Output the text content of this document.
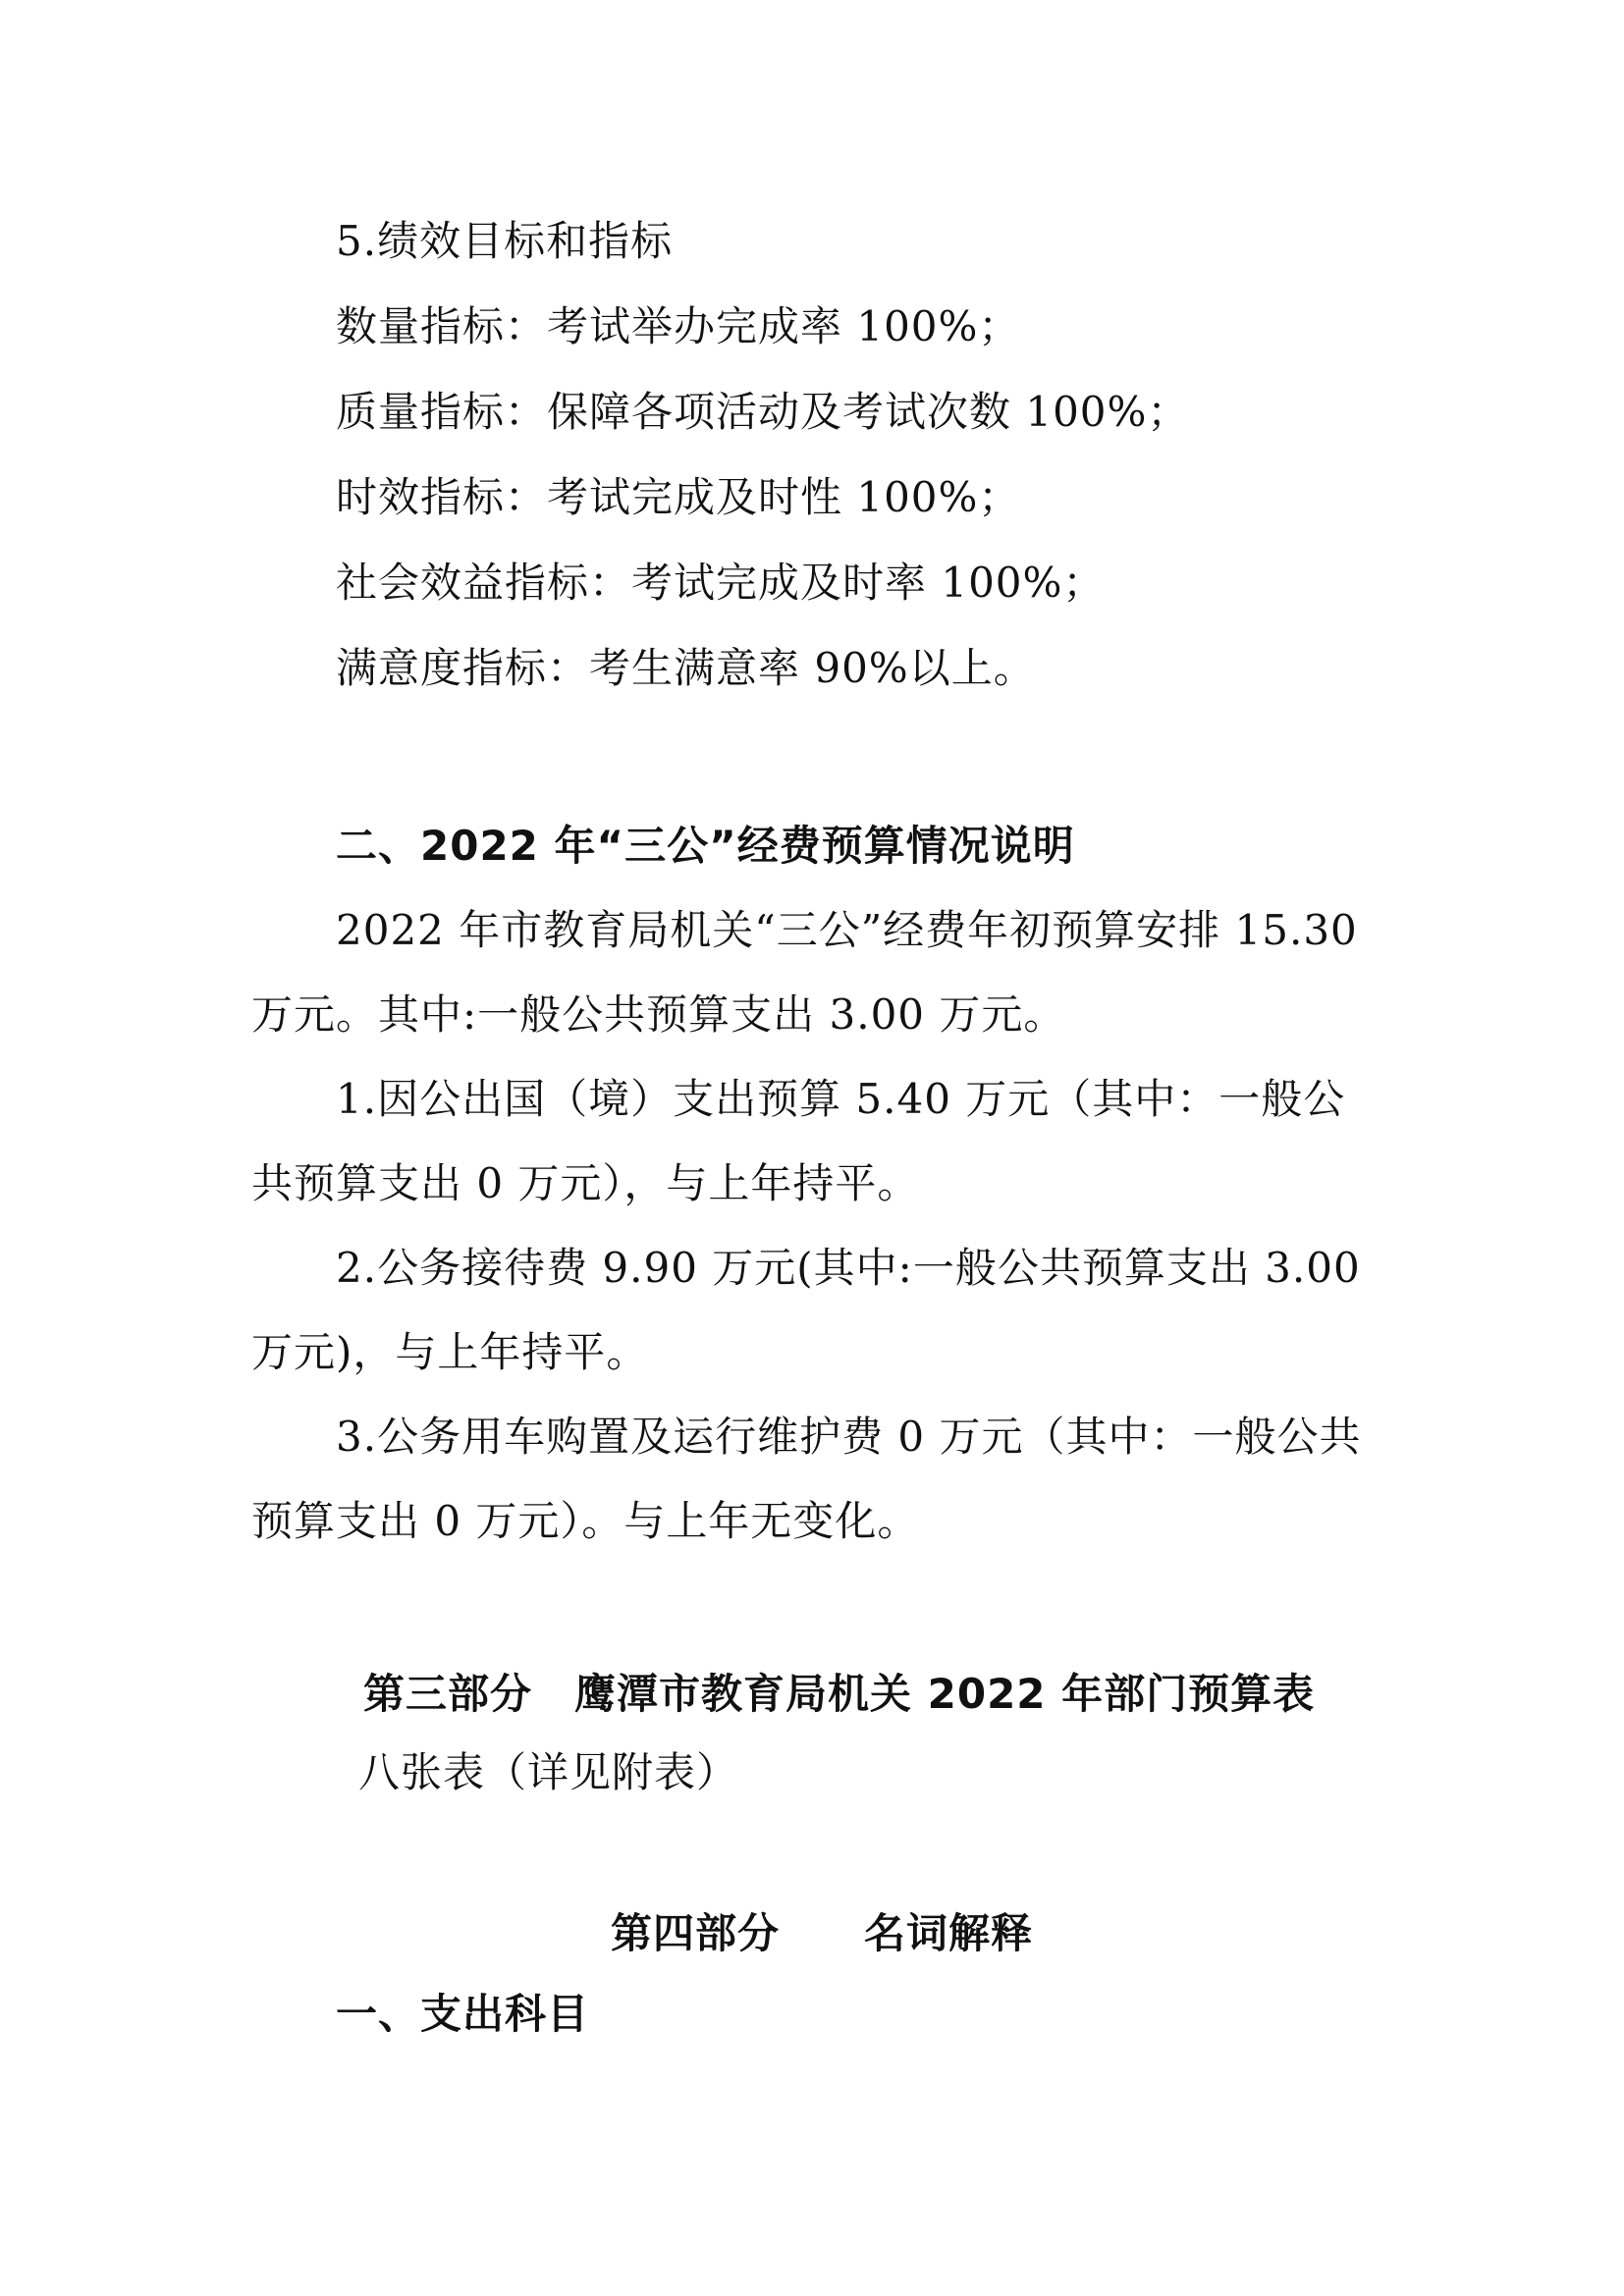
5.绩效目标和指标
数量指标：考试举办完成率 100%；
质量指标：保障各项活动及考试次数 100%；
时效指标：考试完成及时性 100%；
社会效益指标：考试完成及时率 100%；
满意度指标：考生满意率 90%以上。
二、2022 年“三公”经费预算情况说明
2022 年市教育局机关“三公”经费年初预算安排 15.30
万元。其中:一般公共预算支出 3.00 万元。
1.因公出国（境）支出预算 5.40 万元（其中：一般公
共预算支出 0 万元），与上年持平。
2.公务接待费 9.90 万元(其中:一般公共预算支出 3.00
万元)，与上年持平。
3.公务用车购置及运行维护费 0 万元（其中：一般公共
预算支出 0 万元）。与上年无变化。
第三部分　鹰潭市教育局机关 2022 年部门预算表
八张表（详见附表）
第四部分　　名词解释
一、支出科目
